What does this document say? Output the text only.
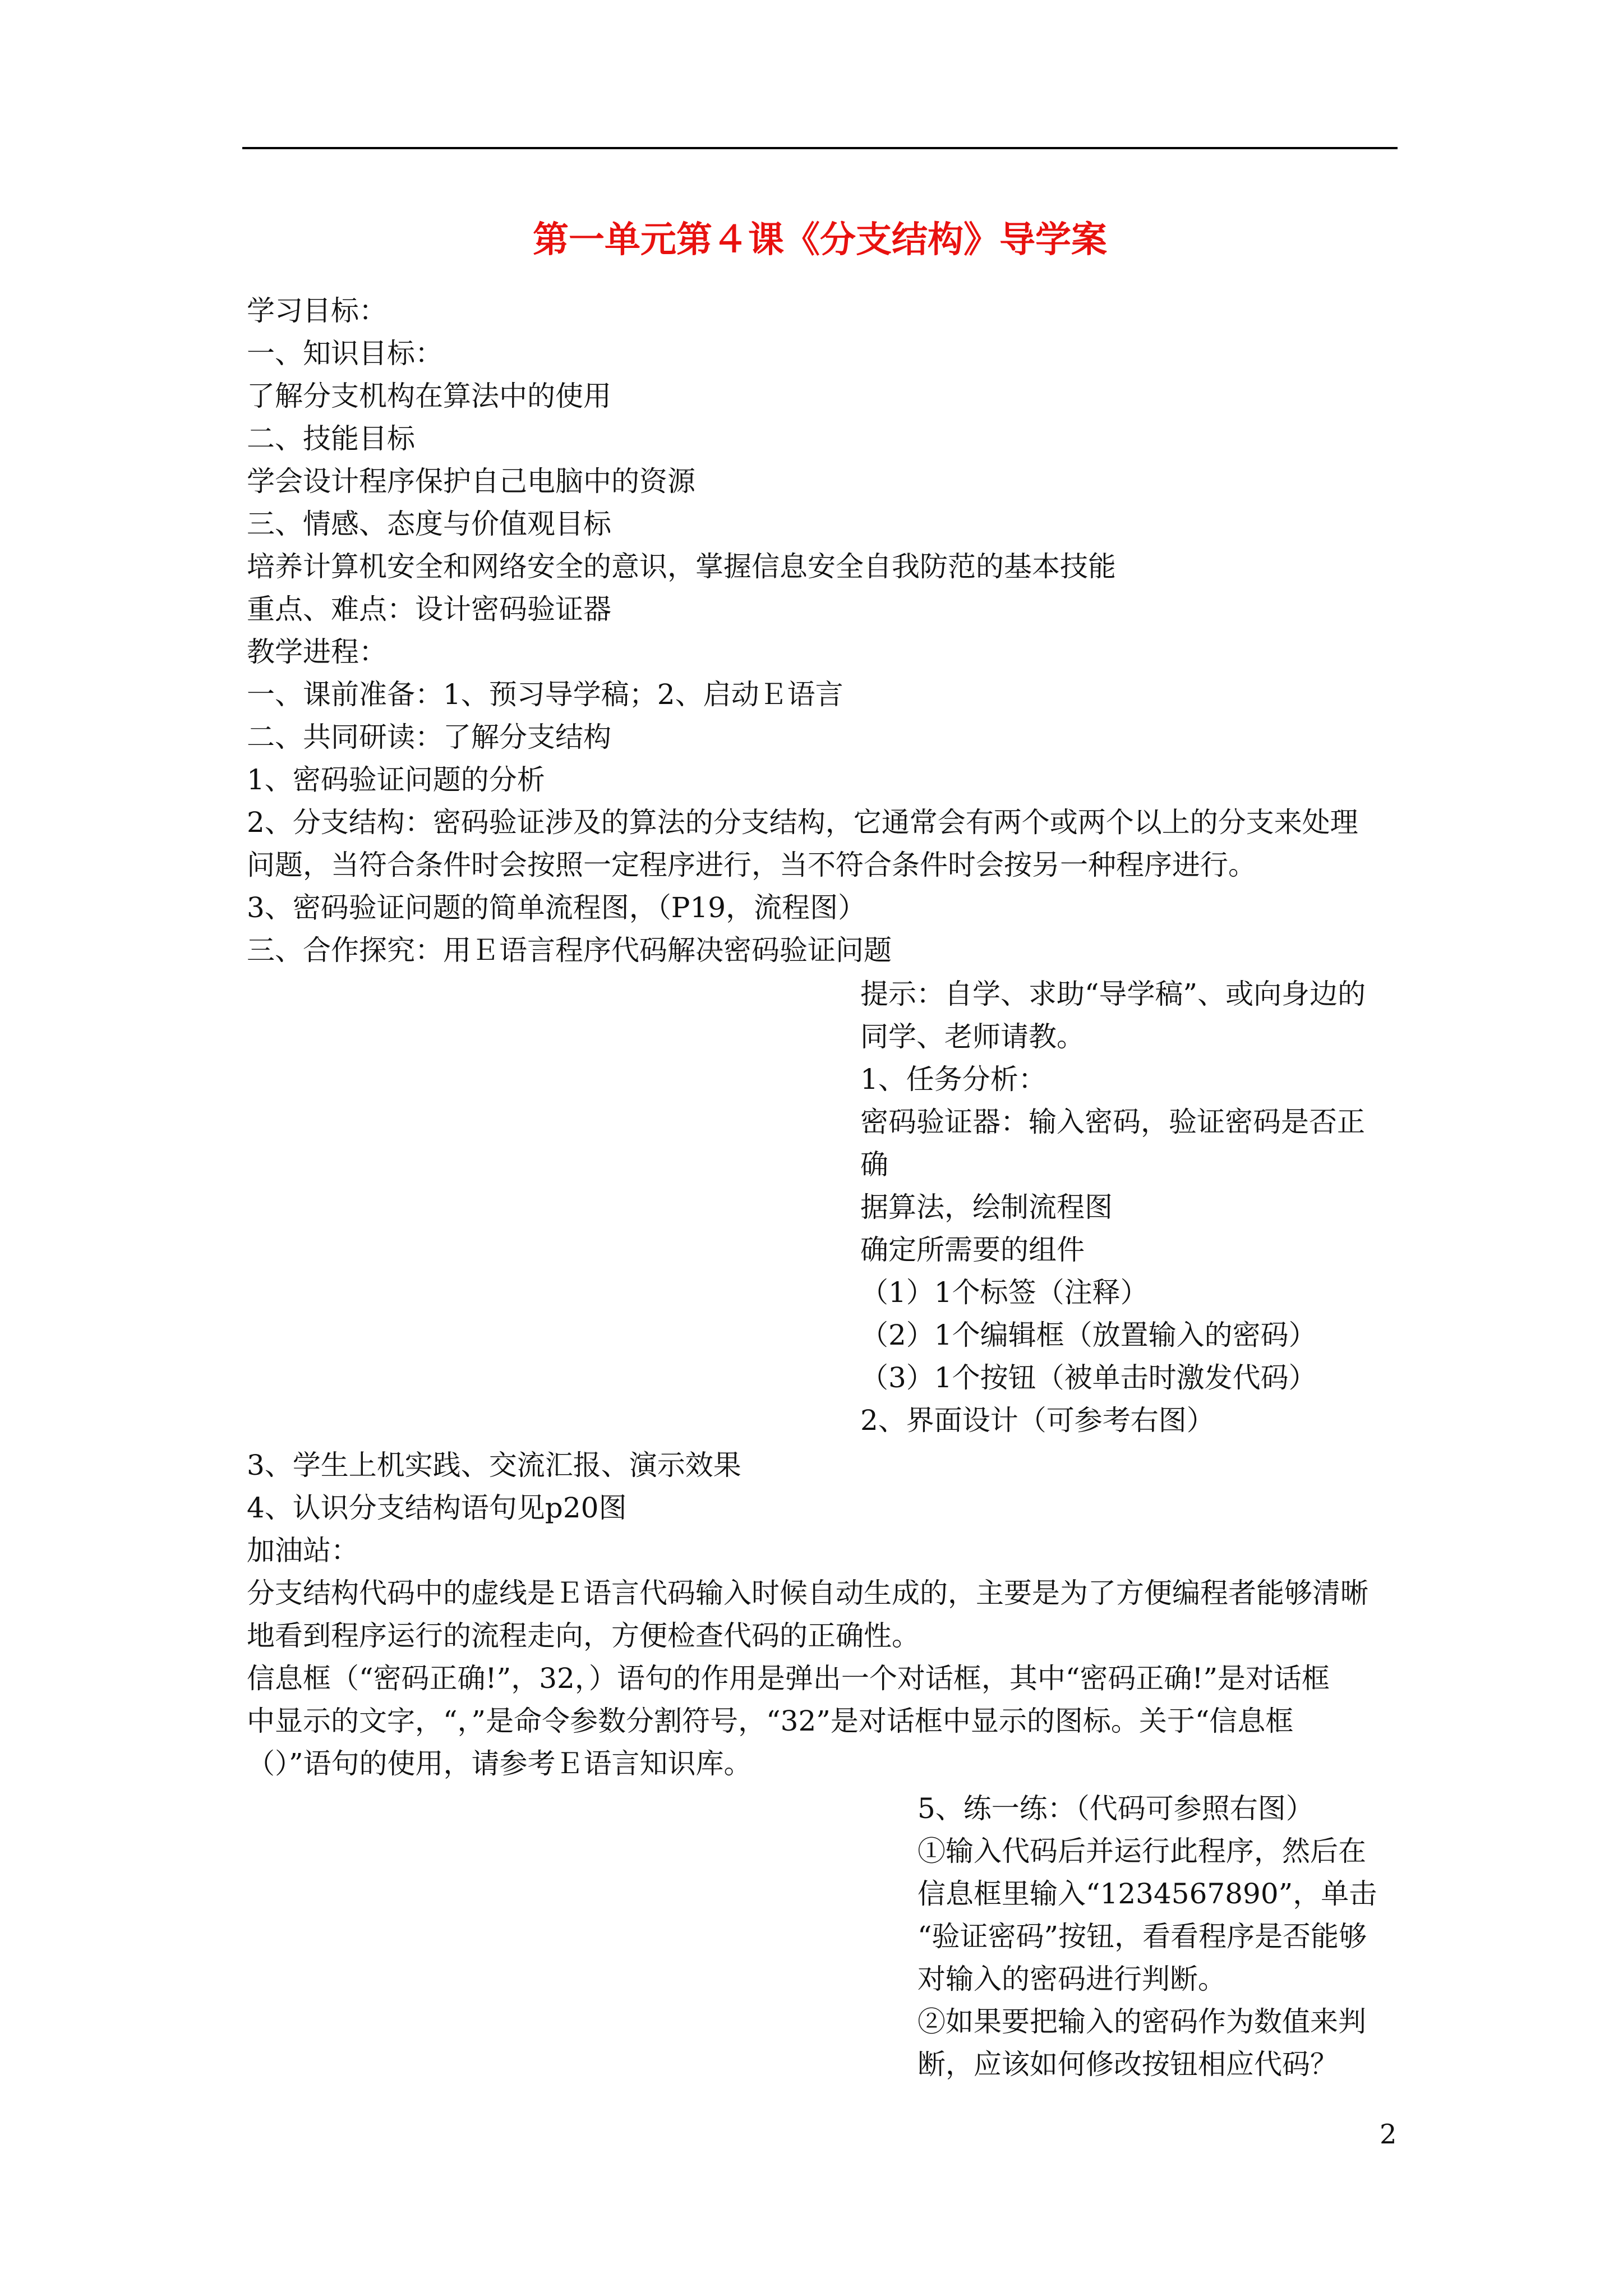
第一单元第４课《分支结构》导学案
学习目标：
一、知识目标：
了解分支机构在算法中的使用
二、技能目标
学会设计程序保护自己电脑中的资源
三、情感、态度与价值观目标
培养计算机安全和网络安全的意识，掌握信息安全自我防范的基本技能
重点、难点：设计密码验证器
教学进程：
一、课前准备：1、预习导学稿；2、启动Ｅ语言
二、共同研读：了解分支结构
1、密码验证问题的分析
2、分支结构：密码验证涉及的算法的分支结构，它通常会有两个或两个以上的分支来处理
问题，当符合条件时会按照一定程序进行，当不符合条件时会按另一种程序进行。
3、密码验证问题的简单流程图，（P19，流程图）
三、合作探究：用Ｅ语言程序代码解决密码验证问题
提示：自学、求助“导学稿”、或向身边的
同学、老师请教。
1、任务分析：
密码验证器：输入密码，验证密码是否正
确
据算法，绘制流程图
确定所需要的组件
（1）1个标签（注释）
（2）1个编辑框（放置输入的密码）
（3）1个按钮（被单击时激发代码）
2、界面设计（可参考右图）
3、学生上机实践、交流汇报、演示效果
4、认识分支结构语句见p20图
加油站：
分支结构代码中的虚线是Ｅ语言代码输入时候自动生成的，主要是为了方便编程者能够清晰
地看到程序运行的流程走向，方便检查代码的正确性。
信息框（“密码正确!”，32，）语句的作用是弹出一个对话框，其中“密码正确!”是对话框
中显示的文字，“，”是命令参数分割符号，“32”是对话框中显示的图标。关于“信息框
（）”语句的使用，请参考Ｅ语言知识库。
5、练一练：（代码可参照右图）
①输入代码后并运行此程序，然后在
信息框里输入“1234567890”，单击
“验证密码”按钮，看看程序是否能够
对输入的密码进行判断。
②如果要把输入的密码作为数值来判
断，应该如何修改按钮相应代码？
2
